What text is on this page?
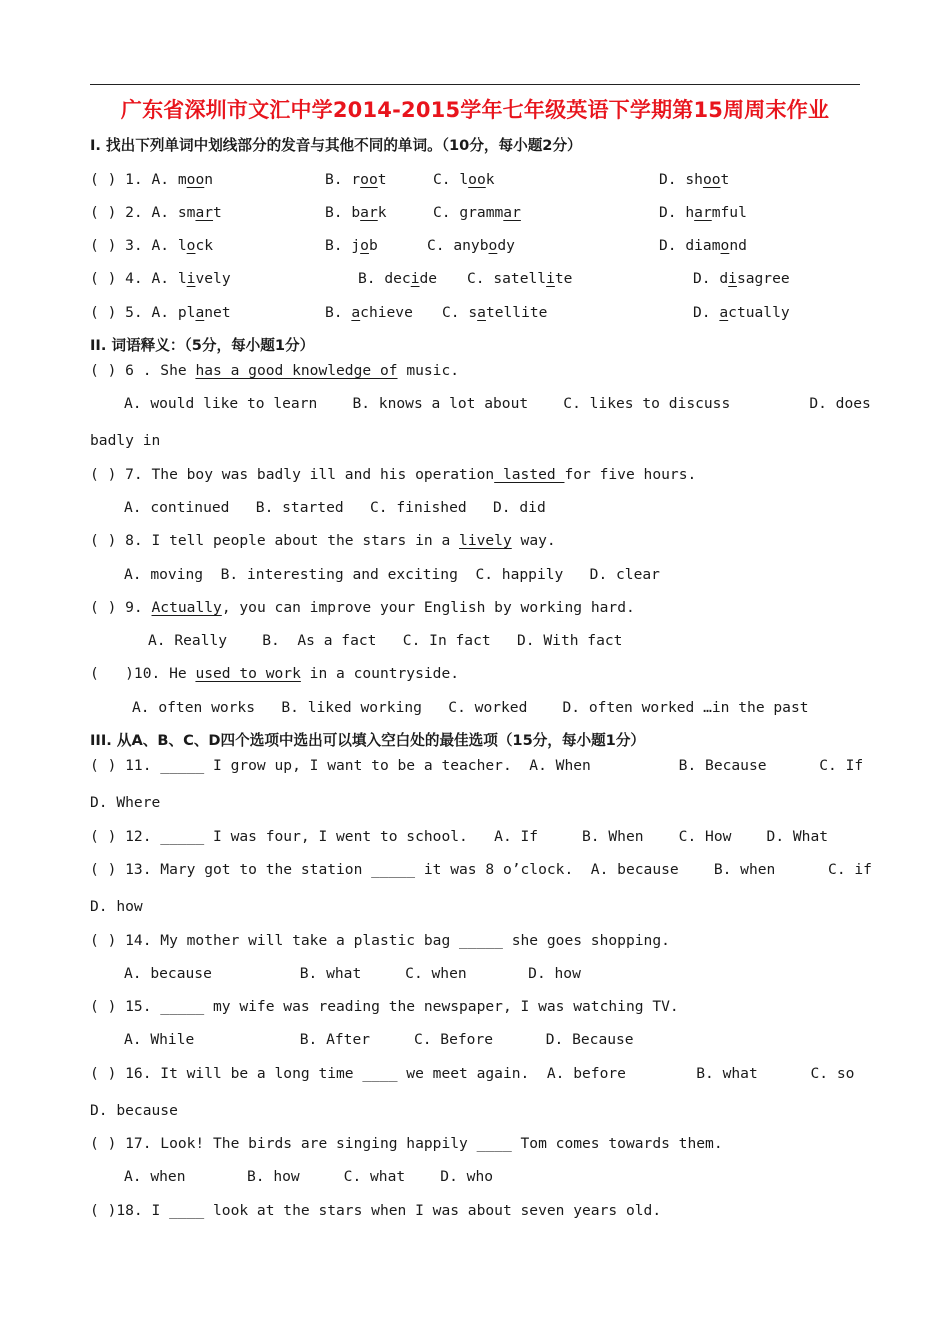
广东省深圳市文汇中学2014-2015学年七年级英语下学期第15周周末作业
I. 找出下列单词中划线部分的发音与其他不同的单词。（10分，每小题2分）
( ) 1. A. moon	B. root	C. look	D. shoot
( ) 2. A. smart	B. bark	C. grammar	D. harmful
( ) 3. A. lock	B. job	C. anybody	D. diamond
( ) 4. A. lively	B. decide C. satellite	D. disagree
( ) 5. A. planet	B. achieve C. satellite	D. actually
II. 词语释义：（5分，每小题1分）
( ) 6 . She has a good knowledge of music.
A. would like to learn    B. knows a lot about    C. likes to discuss         D. does
badly in
( ) 7. The boy was badly ill and his operation lasted for five hours.
A. continued   B. started   C. finished   D. did
( ) 8. I tell people about the stars in a lively way.
A. moving  B. interesting and exciting  C. happily   D. clear
( ) 9. Actually, you can improve your English by working hard.
A. Really    B.  As a fact   C. In fact   D. With fact
(   )10. He used to work in a countryside.
A. often works   B. liked working   C. worked    D. often worked …in the past
III. 从A、B、C、D四个选项中选出可以填入空白处的最佳选项（15分，每小题1分）
( ) 11. _____ I grow up, I want to be a teacher.  A. When          B. Because      C. If
D. Where
( ) 12. _____ I was four, I went to school.   A. If     B. When    C. How    D. What
( ) 13. Mary got to the station _____ it was 8 o’clock.  A. because    B. when      C. if
D. how
( ) 14. My mother will take a plastic bag _____ she goes shopping.
A. because          B. what     C. when       D. how
( ) 15. _____ my wife was reading the newspaper, I was watching TV.
A. While            B. After     C. Before      D. Because
( ) 16. It will be a long time ____ we meet again.  A. before        B. what      C. so
D. because
( ) 17. Look! The birds are singing happily ____ Tom comes towards them.
A. when       B. how     C. what    D. who
( )18. I ____ look at the stars when I was about seven years old.
